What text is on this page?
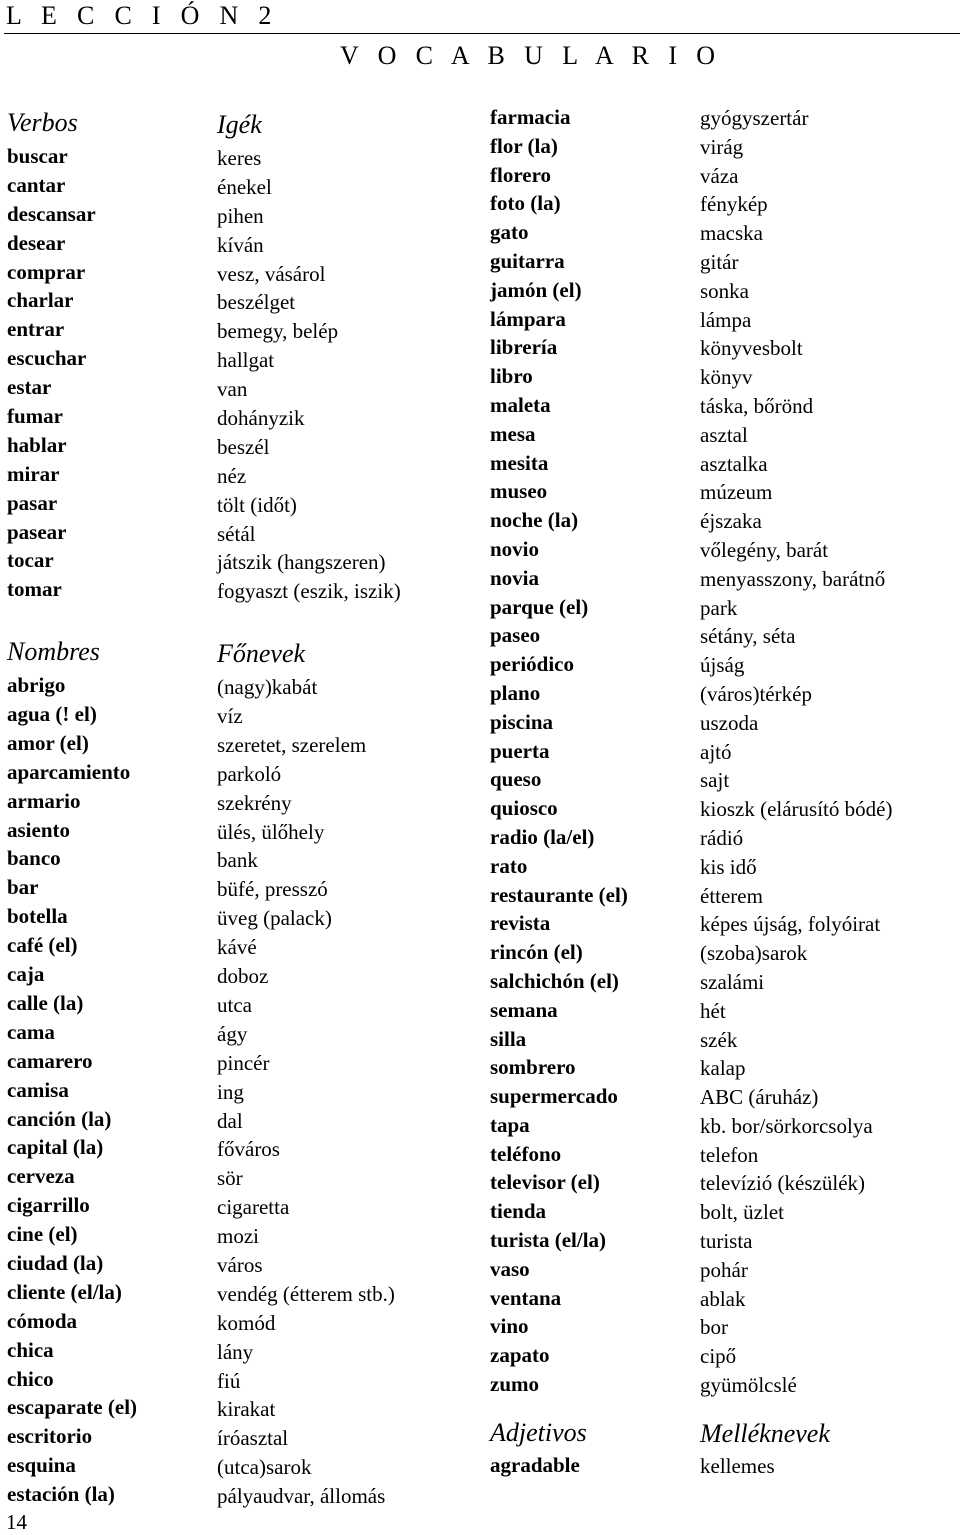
L E C C I Ó N 2
V O C A B U L A R I O
Verbos
buscar
cantar
descansar
desear
comprar
charlar
entrar
escuchar
estar
fumar
hablar
mirar
pasar
pasear
tocar
tomar
Nombres
abrigo
agua (! el)
amor (el)
aparcamiento
armario
asiento
banco
bar
botella
café (el)
caja
calle (la)
cama
camarero
camisa
canción (la)
capital (la)
cerveza
cigarrillo
cine (el)
ciudad (la)
cliente (el/la)
cómoda
chica
chico
escaparate (el)
escritorio
esquina
estación (la)
Igék
keres
énekel
pihen
kíván
vesz, vásárol
beszélget
bemegy, belép
hallgat
van
dohányzik
beszél
néz
tölt (időt)
sétál
játszik (hangszeren)
fogyaszt (eszik, iszik)
Főnevek
(nagy)kabát
víz
szeretet, szerelem
parkoló
szekrény
ülés, ülőhely
bank
büfé, presszó
üveg (palack)
kávé
doboz
utca
ágy
pincér
ing
dal
főváros
sör
cigaretta
mozi
város
vendég (étterem stb.)
komód
lány
fiú
kirakat
íróasztal
(utca)sarok
pályaudvar, állomás
farmacia
flor (la)
florero
foto (la)
gato
guitarra
jamón (el)
lámpara
librería
libro
maleta
mesa
mesita
museo
noche (la)
novio
novia
parque (el)
paseo
periódico
plano
piscina
puerta
queso
quiosco
radio (la/el)
rato
restaurante (el)
revista
rincón (el)
salchichón (el)
semana
silla
sombrero
supermercado
tapa
teléfono
televisor (el)
tienda
turista (el/la)
vaso
ventana
vino
zapato
zumo
Adjetivos
agradable
gyógyszertár
virág
váza
fénykép
macska
gitár
sonka
lámpa
könyvesbolt
könyv
táska, bőrönd
asztal
asztalka
múzeum
éjszaka
vőlegény, barát
menyasszony, barátnő
park
sétány, séta
újság
(város)térkép
uszoda
ajtó
sajt
kioszk (elárusító bódé)
rádió
kis idő
étterem
képes újság, folyóirat
(szoba)sarok
szalámi
hét
szék
kalap
ABC (áruház)
kb. bor/sörkorcsolya
telefon
televízió (készülék)
bolt, üzlet
turista
pohár
ablak
bor
cipő
gyümölcslé
Melléknevek
kellemes
14
